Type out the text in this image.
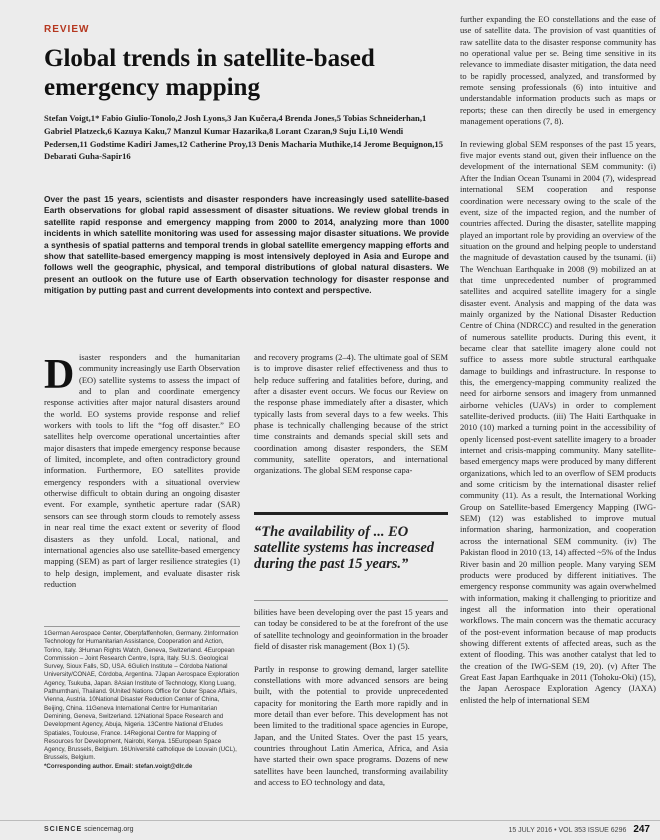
REVIEW
Global trends in satellite-based emergency mapping
Stefan Voigt,1* Fabio Giulio-Tonolo,2 Josh Lyons,3 Jan Kučera,4 Brenda Jones,5 Tobias Schneiderhan,1 Gabriel Platzeck,6 Kazuya Kaku,7 Manzul Kumar Hazarika,8 Lorant Czaran,9 Suju Li,10 Wendi Pedersen,11 Godstime Kadiri James,12 Catherine Proy,13 Denis Macharia Muthike,14 Jerome Bequignon,15 Debarati Guha-Sapir16
Over the past 15 years, scientists and disaster responders have increasingly used satellite-based Earth observations for global rapid assessment of disaster situations. We review global trends in satellite rapid response and emergency mapping from 2000 to 2014, analyzing more than 1000 incidents in which satellite monitoring was used for assessing major disaster situations. We provide a synthesis of spatial patterns and temporal trends in global satellite emergency mapping efforts and show that satellite-based emergency mapping is most intensively deployed in Asia and Europe and follows well the geographic, physical, and temporal distributions of global natural disasters. We present an outlook on the future use of Earth observation technology for disaster response and mitigation by putting past and current developments into context and perspective.
D isaster responders and the humanitarian community increasingly use Earth Observation (EO) satellite systems to assess the impact of and to plan and coordinate emergency response activities after major natural disasters around the world. EO systems provide response and relief workers with tools to lift the “fog off disaster.” EO satellites help overcome operational uncertainties after major disasters that impede emergency response because of limited, incomplete, and often contradictory ground information. Furthermore, EO satellites provide emergency responders with a situational overview otherwise difficult to obtain during an ongoing disaster event. For example, synthetic aperture radar (SAR) sensors can see through storm clouds to remotely assess in near real time the exact extent or severity of flood disasters as they unfold. Local, national, and international agencies also use satellite-based emergency mapping (SEM) as part of larger resilience strategies (1) to help design, implement, and evaluate disaster risk reduction
and recovery programs (2–4). The ultimate goal of SEM is to improve disaster relief effectiveness and thus to help reduce suffering and fatalities before, during, and after a disaster event occurs. We focus our Review on the response phase immediately after a disaster, which typically lasts from several days to a few weeks. This phase is technically challenging because of the strict time constraints and demands special skill sets and coordination among disaster responders, the SEM community, satellite operators, and international organizations. The global SEM response capa-
“The availability of ... EO satellite systems has increased during the past 15 years.”
bilities have been developing over the past 15 years and can today be considered to be at the forefront of the use of satellite technology and geoinformation in the broader field of disaster risk management (Box 1) (5).

Partly in response to growing demand, larger satellite constellations with more advanced sensors are being built, with the potential to provide unprecedented capacity for monitoring the Earth more rapidly and in more detail than ever before. This development has not been limited to the traditional space agencies in Europe, Japan, and the United States. Over the past 15 years, countries throughout Latin America, Africa, and Asia have started their own space programs. Dozens of new satellites have been launched, transforming availability and access to EO technology and data,
further expanding the EO constellations and the ease of use of satellite data. The provision of vast quantities of raw satellite data to the disaster response community has no operational value per se. Being time sensitive in its relevance to immediate disaster mitigation, the data need to be rapidly processed, analyzed, and transformed by remote sensing professionals (6) into intuitive and understandable information products such as maps or reports; these can then directly be used in emergency management operations (7, 8).

In reviewing global SEM responses of the past 15 years, five major events stand out, given their influence on the development of the international SEM community: (i) After the Indian Ocean Tsunami in 2004 (7), widespread international SEM cooperation and response coordination were necessary owing to the scale of the event, size of the impacted region, and the number of countries affected. During the disaster, satellite mapping played an important role by providing an overview of the situation on the ground and helping people to understand the magnitude of devastation caused by the tsunami. (ii) The Wenchuan Earthquake in 2008 (9) mobilized an at that time unprecedented number of programmed satellites and acquired satellite imagery for a single disaster event. Analysis and mapping of the data was mainly organized by the National Disaster Reduction Centre of China (NDRCC) and resulted in the generation of numerous satellite products. During this event, it became clear that satellite imagery alone could not suffice to assess more subtle structural earthquake damage to buildings and infrastructure. In response to this, the emergency-mapping community realized the need for airborne sensors and imagery from unmanned airborne vehicles (UAVs) in order to complement satellite-derived products. (iii) The Haiti Earthquake in 2010 (10) marked a turning point in the accessibility of openly licensed post-event satellite imagery to a broader internet and crisis-mapping community. Many satellite-based emergency maps were produced by many different organizations, which led to an overflow of SEM products and some criticism by the international disaster relief community (11). As a result, the International Working Group on Satellite-based Emergency Mapping (IWG-SEM) (12) was established to improve mutual information sharing, harmonization, and cooperation across the international SEM community. (iv) The Pakistan flood in 2010 (13, 14) affected ~5% of the Indus River basin and 20 million people. Many varying SEM products were produced by different initiatives. The emergency response community was again overwhelmed with information, making it challenging to prioritize and ingest all the information into their operational workflows. The main concern was the thematic accuracy of the post-event information because of map products showing different extents of affected areas, such as the extent of flooding. This was another catalyst that led to the creation of the IWG-SEM (19, 20). (v) After The Great East Japan Earthquake in 2011 (Tohoku-Oki) (15), the Japan Aerospace Exploration Agency (JAXA) enlisted the help of international SEM
1German Aerospace Center, Oberpfaffenhofen, Germany. 2Information Technology for Humanitarian Assistance, Cooperation and Action, Torino, Italy. 3Human Rights Watch, Geneva, Switzerland. 4European Commission – Joint Research Centre, Ispra, Italy. 5U.S. Geological Survey, Sioux Falls, SD, USA. 6Gulich Institute – Córdoba National University/CONAE, Córdoba, Argentina. 7Japan Aerospace Exploration Agency, Tsukuba, Japan. 8Asian Institute of Technology, Klong Luang, Pathumthani, Thailand. 9United Nations Office for Outer Space Affairs, Vienna, Austria. 10National Disaster Reduction Center of China, Beijing, China. 11Geneva International Centre for Humanitarian Demining, Geneva, Switzerland. 12National Space Research and Development Agency, Abuja, Nigeria. 13Centre National d'Etudes Spatiales, Toulouse, France. 14Regional Centre for Mapping of Resources for Development, Nairobi, Kenya. 15European Space Agency, Brussels, Belgium. 16Université catholique de Louvain (UCL), Brussels, Belgium.
*Corresponding author. Email: stefan.voigt@dlr.de
SCIENCE sciencemag.org	15 JULY 2016 • VOL 353 ISSUE 6296 247
